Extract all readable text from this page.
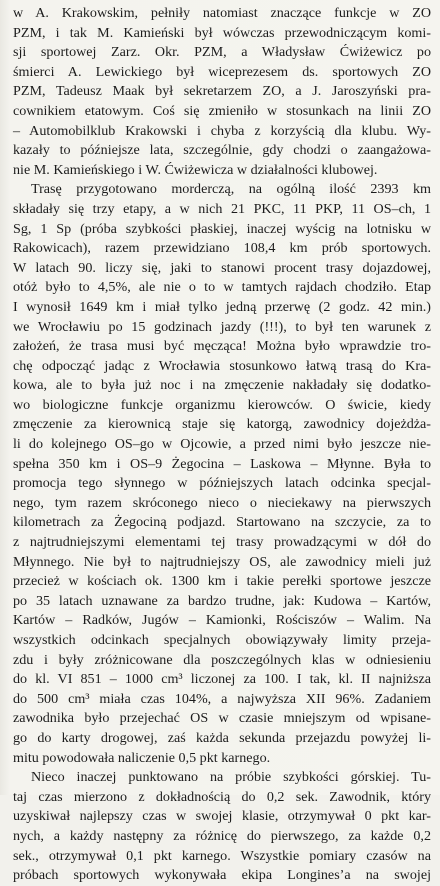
w A. Krakowskim, pełniły natomiast znaczące funkcje w ZO
PZM, i tak M. Kamieński był wówczas przewodniczącym komi-
sji sportowej Zarz. Okr. PZM, a Władysław Ćwiżewicz po
śmierci A. Lewickiego był wiceprezesem ds. sportowych ZO
PZM, Tadeusz Maak był sekretarzem ZO, a J. Jaroszyński pra-
cownikiem etatowym. Coś się zmieniło w stosunkach na linii ZO
– Automobilklub Krakowski i chyba z korzyścią dla klubu. Wy-
kazały to późniejsze lata, szczególnie, gdy chodzi o zaangażowa-
nie M. Kamieńskiego i W. Ćwiżewicza w działalności klubowej.

Trasę przygotowano morderczą, na ogólną ilość 2393 km
składały się trzy etapy, a w nich 21 PKC, 11 PKP, 11 OS–ch, 1
Sg, 1 Sp (próba szybkości płaskiej, inaczej wyścig na lotnisku w
Rakowicach), razem przewidziano 108,4 km prób sportowych.
W latach 90. liczy się, jaki to stanowi procent trasy dojazdowej,
otóż było to 4,5%, ale nie o to w tamtych rajdach chodziło. Etap
I wynosił 1649 km i miał tylko jedną przerwę (2 godz. 42 min.)
we Wrocławiu po 15 godzinach jazdy (!!!), to był ten warunek z
założeń, że trasa musi być męcząca! Można było wprawdzie tro-
chę odpocząć jadąc z Wrocławia stosunkowo łatwą trasą do Kra-
kowa, ale to była już noc i na zmęczenie nakładały się dodatko-
wo biologiczne funkcje organizmu kierowców. O świcie, kiedy
zmęczenie za kierownicą staje się katorgą, zawodnicy dojeżdża-
li do kolejnego OS–go w Ojcowie, a przed nimi było jeszcze nie-
spełna 350 km i OS–9 Żegocina – Laskowa – Młynne. Była to
promocja tego słynnego w późniejszych latach odcinka specjal-
nego, tym razem skróconego nieco o nieciekawy na pierwszych
kilometrach za Żegociną podjazd. Startowano na szczycie, za to
z najtrudniejszymi elementami tej trasy prowadzącymi w dół do
Młynnego. Nie był to najtrudniejszy OS, ale zawodnicy mieli już
przecież w kościach ok. 1300 km i takie perełki sportowe jeszcze
po 35 latach uznawane za bardzo trudne, jak: Kudowa – Kartów,
Kartów – Radków, Jugów – Kamionki, Rościszów – Walim. Na
wszystkich odcinkach specjalnych obowiązywały limity przeja-
zdu i były zróżnicowane dla poszczególnych klas w odniesieniu
do kl. VI 851 – 1000 cm³ liczonej za 100. I tak, kl. II najniższa
do 500 cm³ miała czas 104%, a najwyższa XII 96%. Zadaniem
zawodnika było przejechać OS w czasie mniejszym od wpisane-
go do karty drogowej, zaś każda sekunda przejazdu powyżej li-
mitu powodowała naliczenie 0,5 pkt karnego.

Nieco inaczej punktowano na próbie szybkości górskiej. Tu-
taj czas mierzono z dokładnością do 0,2 sek. Zawodnik, który
uzyskiwał najlepszy czas w swojej klasie, otrzymywał 0 pkt kar-
nych, a każdy następny za różnicę do pierwszego, za każde 0,2
sek., otrzymywał 0,1 pkt karnego. Wszystkie pomiary czasów na
próbach sportowych wykonywała ekipa Longines’a na swojej
